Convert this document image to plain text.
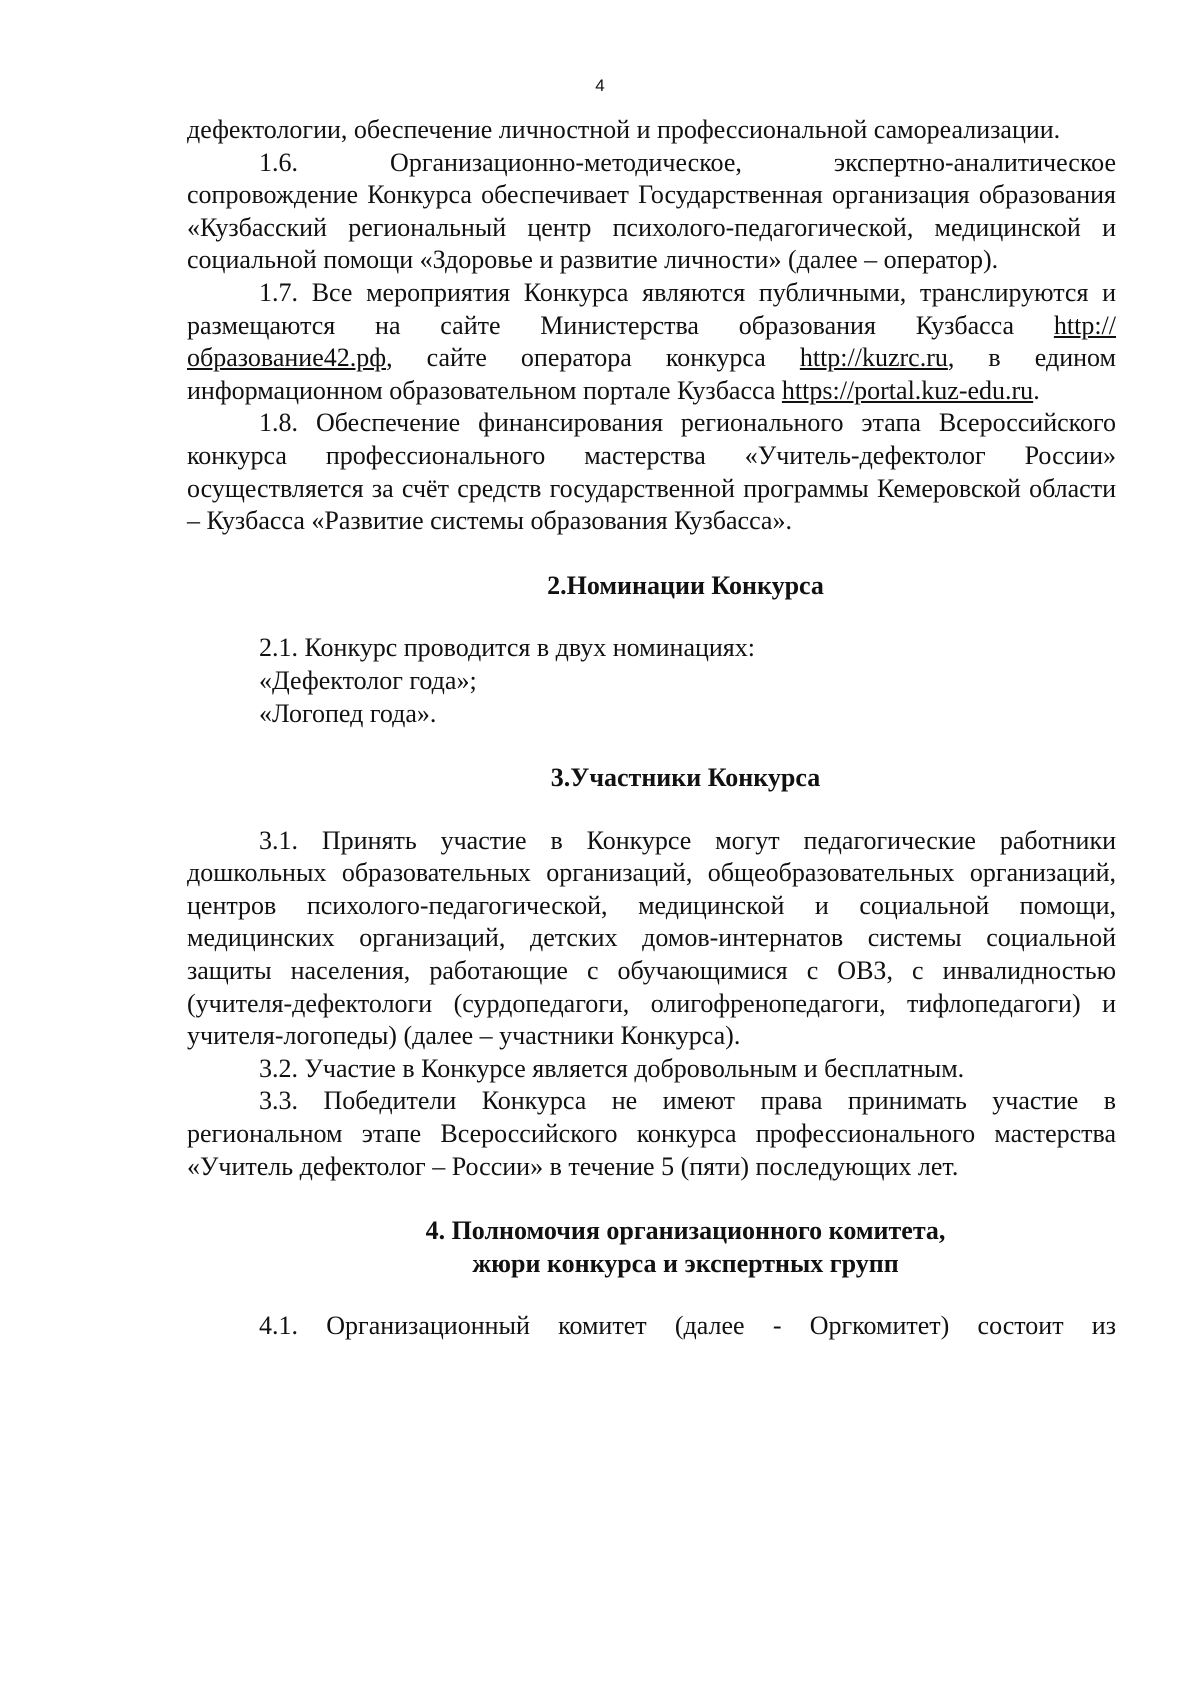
4

дефектологии, обеспечение личностной и профессиональной самореализации.

1.6.	Организационно-методическое, экспертно-аналитическое сопровождение Конкурса обеспечивает Государственная организация образования «Кузбасский региональный центр психолого-педагогической, медицинской и социальной помощи «Здоровье и развитие личности» (далее – оператор).

1.7. Все мероприятия Конкурса являются публичными, транслируются и размещаются на сайте Министерства образования Кузбасса http://образование42.рф, сайте оператора конкурса http://kuzrc.ru, в едином информационном образовательном портале Кузбасса https://portal.kuz-edu.ru.

1.8. Обеспечение финансирования регионального этапа Всероссийского конкурса профессионального мастерства «Учитель-дефектолог России» осуществляется за счёт средств государственной программы Кемеровской области – Кузбасса «Развитие системы образования Кузбасса».

2.Номинации Конкурса

2.1. Конкурс проводится в двух номинациях:

«Дефектолог года»;

«Логопед года».

3.Участники Конкурса

3.1. Принять участие в Конкурсе могут педагогические работники дошкольных образовательных организаций, общеобразовательных организаций, центров психолого-педагогической, медицинской и социальной помощи, медицинских организаций, детских домов-интернатов системы социальной защиты населения, работающие с обучающимися с ОВЗ, с инвалидностью (учителя-дефектологи (сурдопедагоги, олигофренопедагоги, тифлопедагоги) и учителя-логопеды) (далее – участники Конкурса).

3.2. Участие в Конкурсе является добровольным и бесплатным.

3.3. Победители Конкурса не имеют права принимать участие в региональном этапе Всероссийского конкурса профессионального мастерства «Учитель дефектолог – России» в течение 5 (пяти) последующих лет.

4. Полномочия организационного комитета,
жюри конкурса и экспертных групп

4.1. Организационный комитет (далее - Оргкомитет) состоит из
